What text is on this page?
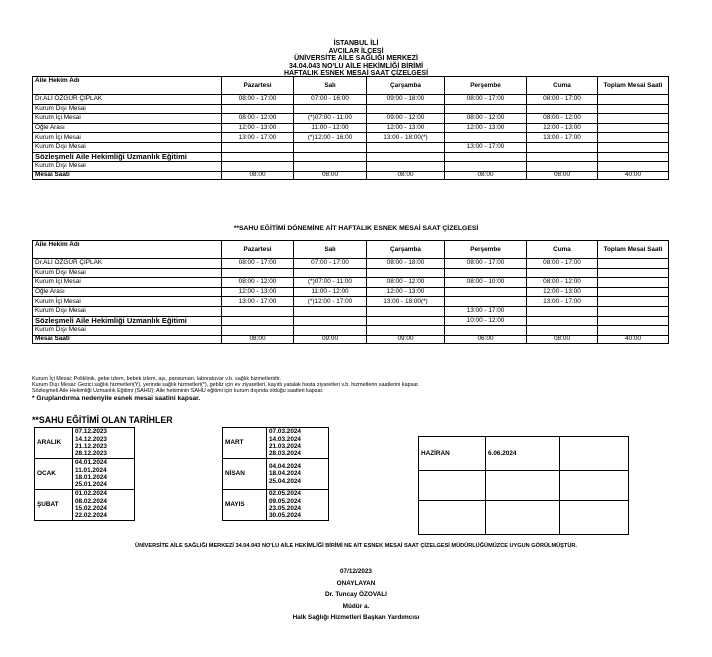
İSTANBUL İLİ
AVCILAR İLÇESİ
ÜNİVERSİTE AİLE SAĞLIĞI MERKEZİ
34.04.043 NO'LU AİLE HEKİMLİĞİ BİRİMİ
HAFTALIK ESNEK MESAİ SAAT ÇİZELGESİ
Aile Hekim Adı	Pazartesi	Salı	Çarşamba	Perşembe	Cuma	Toplam Mesai Saati
Dr.ALİ ÖZGÜR ÇIPLAK	08:00 - 17:00	07:00 - 16:00	09:00 - 18:00	08:00 - 17:00	08:00 - 17:00	
Kurum Dışı Mesai						
Kurum İçi Mesai	08:00 - 12:00	(*)07:00 - 11:00	09:00 - 12:00	08:00 - 12:00	08:00 - 12:00	
Öğle Arası	12:00 - 13:00	11:00 - 12:00	12:00 - 13:00	12:00 - 13:00	12:00 - 13:00	
Kurum İçi Mesai	13:00 - 17:00	(*)12:00 - 16:00	13:00 - 18:00(*)		13:00 - 17:00	
Kurum Dışı Mesai				13:00 - 17:00		
Sözleşmeli Aile Hekimliği Uzmanlık Eğitimi						
Kurum Dışı Mesai						
Mesai Saati	08:00	08:00	08:00	08:00	08:00	40:00
**SAHU EĞİTİMİ DÖNEMİNE AİT HAFTALIK ESNEK MESAİ SAAT ÇİZELGESİ
Aile Hekim Adı	Pazartesi	Salı	Çarşamba	Perşembe	Cuma	Toplam Mesai Saati
Dr.ALİ ÖZGÜR ÇIPLAK	08:00 - 17:00	07:00 - 17:00	08:00 - 18:00	08:00 - 17:00	08:00 - 17:00	
Kurum Dışı Mesai						
Kurum İçi Mesai	08:00 - 12:00	(*)07:00 - 11:00	08:00 - 12:00	08:00 - 10:00	08:00 - 12:00	
Öğle Arası	12:00 - 13:00	11:00 - 12:00	12:00 - 13:00		12:00 - 13:00	
Kurum İçi Mesai	13:00 - 17:00	(*)12:00 - 17:00	13:00 - 18:00(*)		13:00 - 17:00	
Kurum Dışı Mesai				13:00 - 17:00		
Sözleşmeli Aile Hekimliği Uzmanlık Eğitimi				10:00 - 12:00		
Kurum Dışı Mesai						
Mesai Saati	08:00	09:00	09:00	06:00	08:00	40:00
Kurum İçi Mesai: Poliklinik, gebe izlem, bebek izlem, aşı, pansuman, laboratuvar v.b. sağlık hizmetleridir.
Kurum Dışı Mesai: Gezici sağlık hizmetleri(Y), yerinde sağlık hizmetleri(*), gebliz için ev ziyaretleri, kayıtlı yatalak hasta ziyaretleri v.b. hizmetlerin saatlerini kapsar.
Sözleşmeli Aile Hekimliği Uzmanlık Eğitimi (SAHU): Aile hekiminin SAHU eğitimi için kurum dışında olduğu saatleri kapsar.
* Gruplandırma nedenyile esnek mesai saatini kapsar.
**SAHU EĞİTİMİ OLAN TARİHLER
ARALIK	07.12.2023
14.12.2023
21.12.2023
28.12.2023

OCAK	04.01.2024
11.01.2024
18.01.2024
25.01.2024

ŞUBAT	01.02.2024
08.02.2024
15.02.2024
22.02.2024
MART	07.03.2024
14.03.2024
21.03.2024
28.03.2024

NİSAN	04.04.2024
18.04.2024
25.04.2024

MAYIS	02.05.2024
09.05.2024
23.05.2024
30.05.2024
HAZİRAN	6.06.2024	

ÜNİVERSİTE AİLE SAĞLIĞI MERKEZİ 34.04.043 NO'LU AİLE HEKİMLİĞİ BİRİMİ NE AİT ESNEK MESAİ SAAT ÇİZELGESİ MÜDÜRLÜĞÜMÜZCE UYGUN GÖRÜLMÜŞTÜR.
07/12/2023
ONAYLAYAN
Dr. Tuncay ÖZOVALI
Müdür a.
Halk Sağlığı Hizmetleri Başkan Yardımcısı
